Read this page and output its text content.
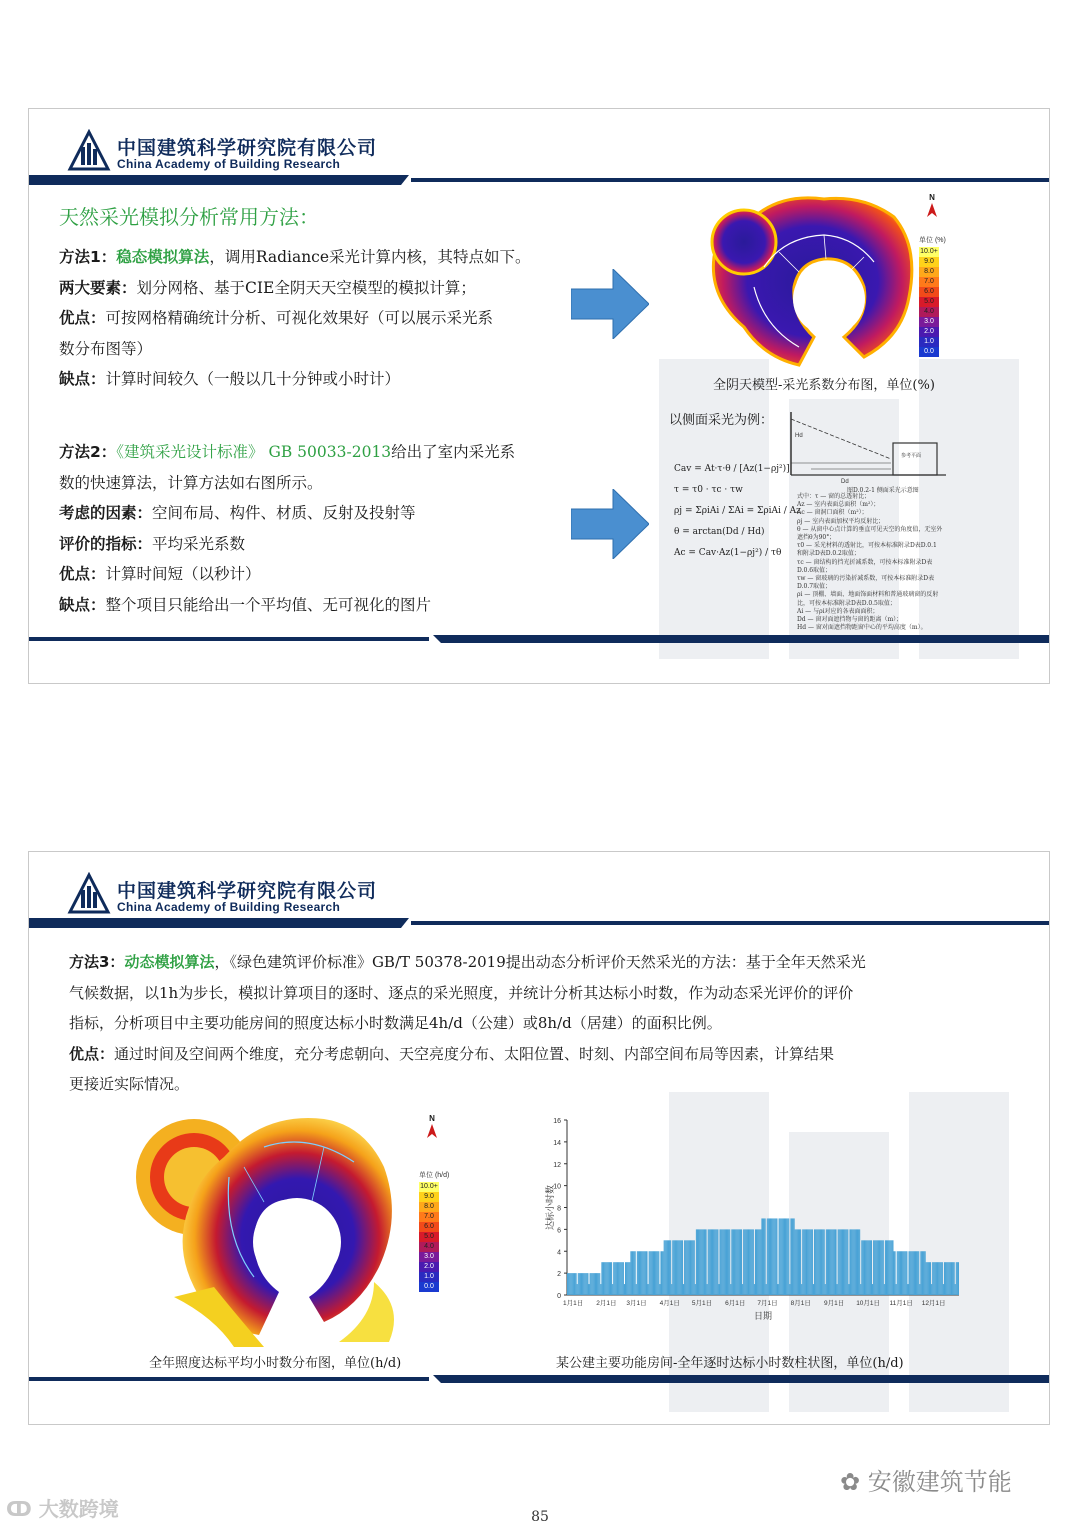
中国建筑科学研究院有限公司
China Academy of Building Research
天然采光模拟分析常用方法：

方法1：稳态模拟算法，调用Radiance采光计算内核，其特点如下。

两大要素：划分网格、基于CIE全阴天天空模型的模拟计算；

优点：可按网格精确统计分析、可视化效果好（可以展示采光系

数分布图等）

缺点：计算时间较久（一般以几十分钟或小时计）

方法2：《建筑采光设计标准》 GB 50033-2013给出了室内采光系

数的快速算法，计算方法如右图所示。

考虑的因素：空间布局、构件、材质、反射及投射等

评价的指标：平均采光系数

优点：计算时间短（以秒计）

缺点：整个项目只能给出一个平均值、无可视化的图片

N
单位 (%)
10.0+
9.0
8.0
7.0
6.0
5.0
4.0
3.0
2.0
1.0
0.0
全阴天模型-采光系数分布图，单位(%)
以侧面采光为例：
参考平面
Dd
Hd
图D.0.2-1 侧面采光示意图
Cav = At·τ·θ / [Az(1−ρj²)]
τ = τ0 · τc · τw
ρj = ΣρiAi / ΣAi = ΣρiAi / Az
θ = arctan(Dd / Hd)
Ac = Cav·Az(1−ρj²) / τθ
式中：τ — 窗的总透射比；
Az — 室内表面总面积（m²）；
Ac — 窗洞口面积（m²）；
ρj — 室内表面加权平均反射比；
θ — 从窗中心点计算的垂直可见天空的角度值，无室外
遮挡θ为90°；
τ0 — 采光材料的透射比，可按本标准附录D表D.0.1
和附录D表D.0.2取值；
τc — 窗结构的挡光折减系数，可按本标准附录D表
D.0.6取值；
τw — 窗玻璃的污染折减系数，可按本标准附录D表
D.0.7取值；
ρi — 顶棚、墙面、地面饰面材料和普通玻璃窗的反射
比，可按本标准附录D表D.0.5取值；
Ai — 与ρi对应的各表面面积；
Dd — 窗对面遮挡物与窗的距离（m）；
Hd — 窗对面遮挡物距窗中心的平均高度（m）。
中国建筑科学研究院有限公司
China Academy of Building Research

方法3：动态模拟算法，《绿色建筑评价标准》GB/T 50378-2019提出动态分析评价天然采光的方法：基于全年天然采光

气候数据，以1h为步长，模拟计算项目的逐时、逐点的采光照度，并统计分析其达标小时数，作为动态采光评价的评价

指标，分析项目中主要功能房间的照度达标小时数满足4h/d（公建）或8h/d（居建）的面积比例。

优点：通过时间及空间两个维度，充分考虑朝向、天空亮度分布、太阳位置、时刻、内部空间布局等因素，计算结果

更接近实际情况。

N
单位 (h/d)
10.0+
9.0
8.0
7.0
6.0
5.0
4.0
3.0
2.0
1.0
0.0
全年照度达标平均小时数分布图，单位(h/d)
0
2
4
6
8
10
12
14
16
1月1日 2月1日 3月1日 4月1日 5月1日 6月1日 7月1日 8月1日 9月1日 10月1日 11月1日 12月1日
日期
达标小时数
某公建主要功能房间-全年逐时达标小时数柱状图，单位(h/d)
✿ 安徽建筑节能
ↀ 大数跨境	85
